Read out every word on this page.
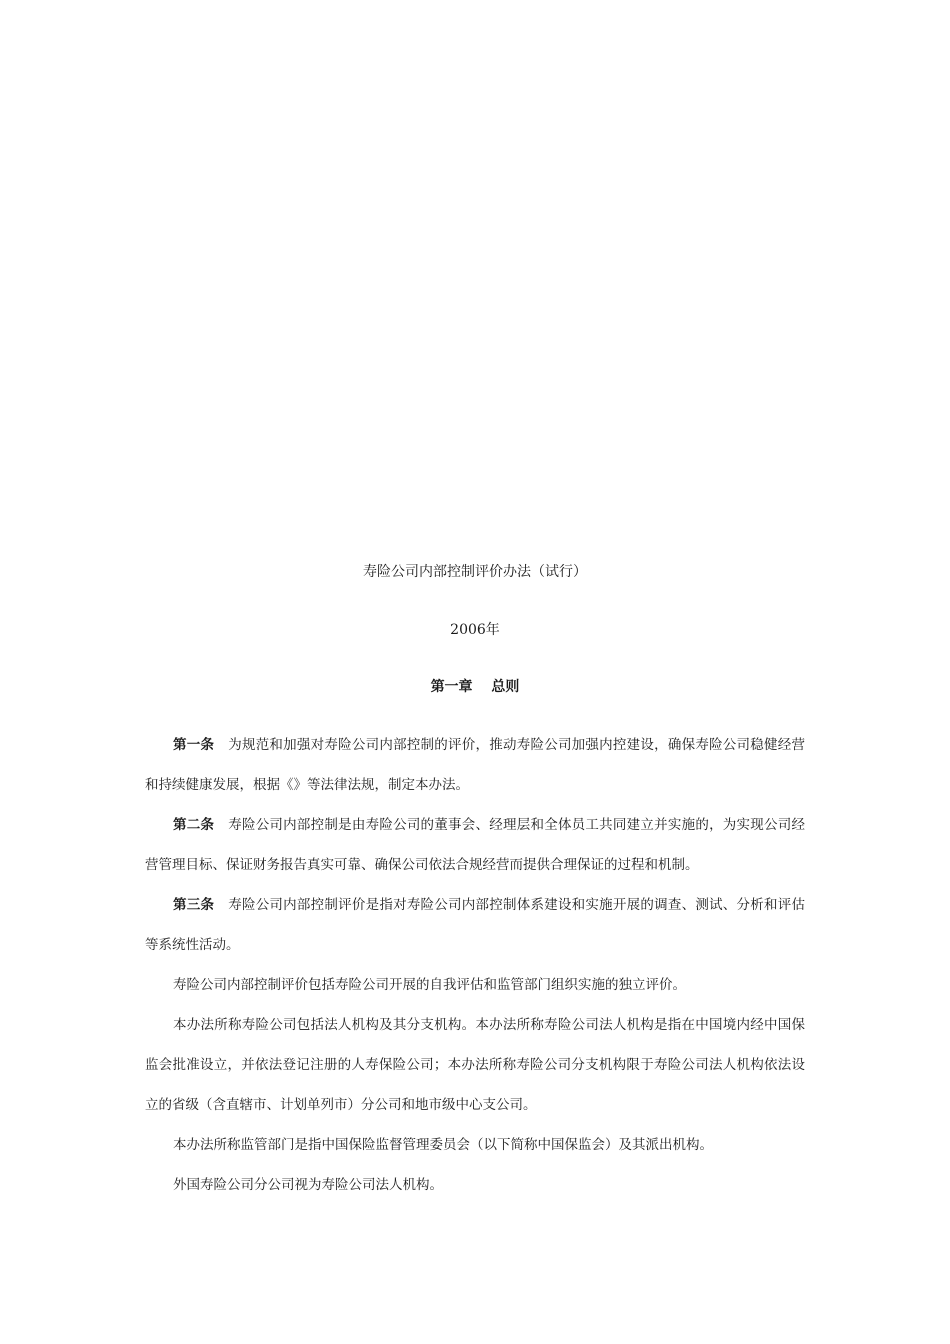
寿险公司内部控制评价办法（试行）
2006年
第一章　 总则

第一条 为规范和加强对寿险公司内部控制的评价，推动寿险公司加强内控建设，确保寿险公司稳健经营和持续健康发展，根据《》等法律法规，制定本办法。

第二条 寿险公司内部控制是由寿险公司的董事会、经理层和全体员工共同建立并实施的，为实现公司经营管理目标、保证财务报告真实可靠、确保公司依法合规经营而提供合理保证的过程和机制。

第三条 寿险公司内部控制评价是指对寿险公司内部控制体系建设和实施开展的调查、测试、分析和评估等系统性活动。

寿险公司内部控制评价包括寿险公司开展的自我评估和监管部门组织实施的独立评价。

本办法所称寿险公司包括法人机构及其分支机构。本办法所称寿险公司法人机构是指在中国境内经中国保监会批准设立，并依法登记注册的人寿保险公司；本办法所称寿险公司分支机构限于寿险公司法人机构依法设立的省级（含直辖市、计划单列市）分公司和地市级中心支公司。

本办法所称监管部门是指中国保险监督管理委员会（以下简称中国保监会）及其派出机构。

外国寿险公司分公司视为寿险公司法人机构。
